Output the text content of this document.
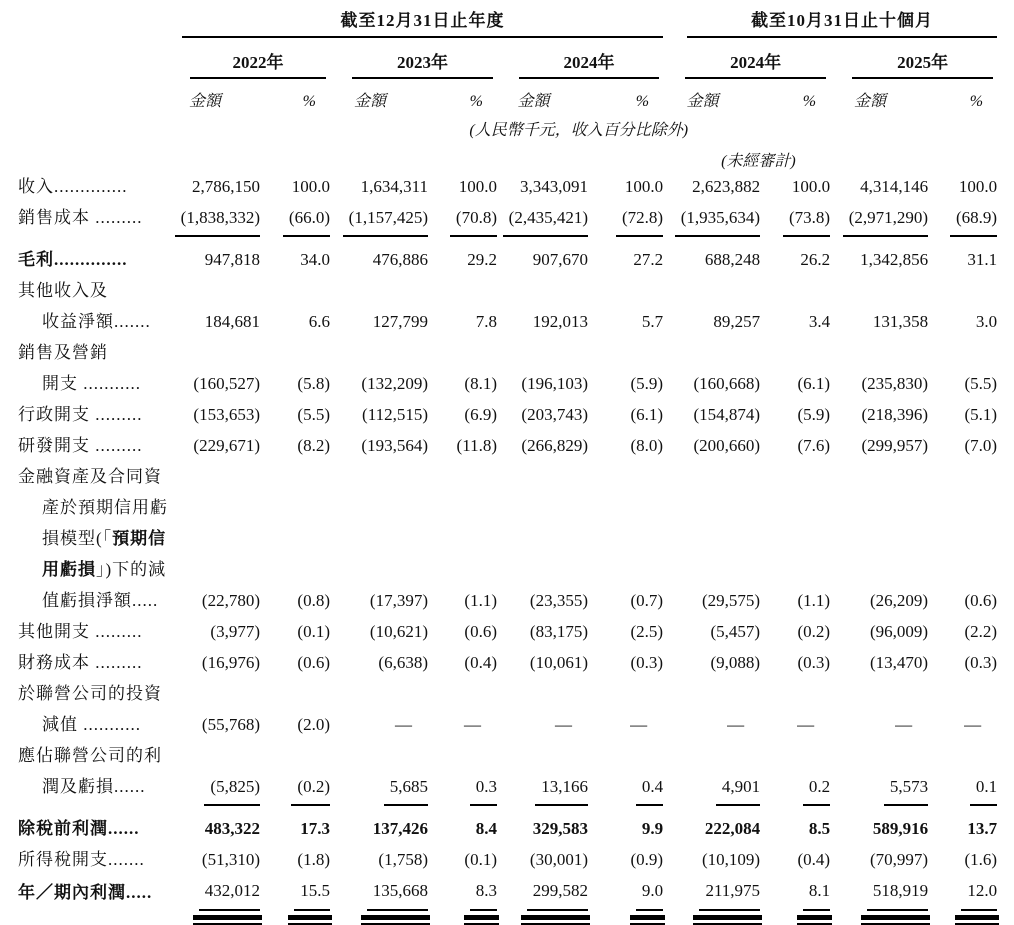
	截至12月31日止年度						截至10月31日止十個月			

	2022年		2023年		2024年		2024年		2025年	

	金額	%	金額	%	金額	%	金額	%	金額	%
(人民幣千元，收入百分比除外)										
							(未經審計)			

收入..............	2,786,150	100.0	1,634,311	100.0	3,343,091	100.0	2,623,882	100.0	4,314,146	100.0

銷售成本 .........	(1,838,332)	(66.0)	(1,157,425)	(70.8)	(2,435,421)	(72.8)	(1,935,634)	(73.8)	(2,971,290)	(68.9)

毛利..............	947,818	34.0	476,886	29.2	907,670	27.2	688,248	26.2	1,342,856	31.1

其他收入及
收益淨額.......	184,681	6.6	127,799	7.8	192,013	5.7	89,257	3.4	131,358	3.0

銷售及營銷
開支 ...........	(160,527)	(5.8)	(132,209)	(8.1)	(196,103)	(5.9)	(160,668)	(6.1)	(235,830)	(5.5)

行政開支 .........	(153,653)	(5.5)	(112,515)	(6.9)	(203,743)	(6.1)	(154,874)	(5.9)	(218,396)	(5.1)

研發開支 .........	(229,671)	(8.2)	(193,564)	(11.8)	(266,829)	(8.0)	(200,660)	(7.6)	(299,957)	(7.0)

金融資產及合同資
產於預期信用虧
損模型(「預期信
用虧損」)下的減
值虧損淨額.....	(22,780)	(0.8)	(17,397)	(1.1)	(23,355)	(0.7)	(29,575)	(1.1)	(26,209)	(0.6)

其他開支 .........	(3,977)	(0.1)	(10,621)	(0.6)	(83,175)	(2.5)	(5,457)	(0.2)	(96,009)	(2.2)

財務成本 .........	(16,976)	(0.6)	(6,638)	(0.4)	(10,061)	(0.3)	(9,088)	(0.3)	(13,470)	(0.3)

於聯營公司的投資
減值 ...........	(55,768)	(2.0)	—	—	—	—	—	—	—	—

應佔聯營公司的利
潤及虧損......	(5,825)	(0.2)	5,685	0.3	13,166	0.4	4,901	0.2	5,573	0.1

除稅前利潤......	483,322	17.3	137,426	8.4	329,583	9.9	222,084	8.5	589,916	13.7

所得稅開支.......	(51,310)	(1.8)	(1,758)	(0.1)	(30,001)	(0.9)	(10,109)	(0.4)	(70,997)	(1.6)

年／期內利潤.....	432,012	15.5	135,668	8.3	299,582	9.0	211,975	8.1	518,919	12.0
